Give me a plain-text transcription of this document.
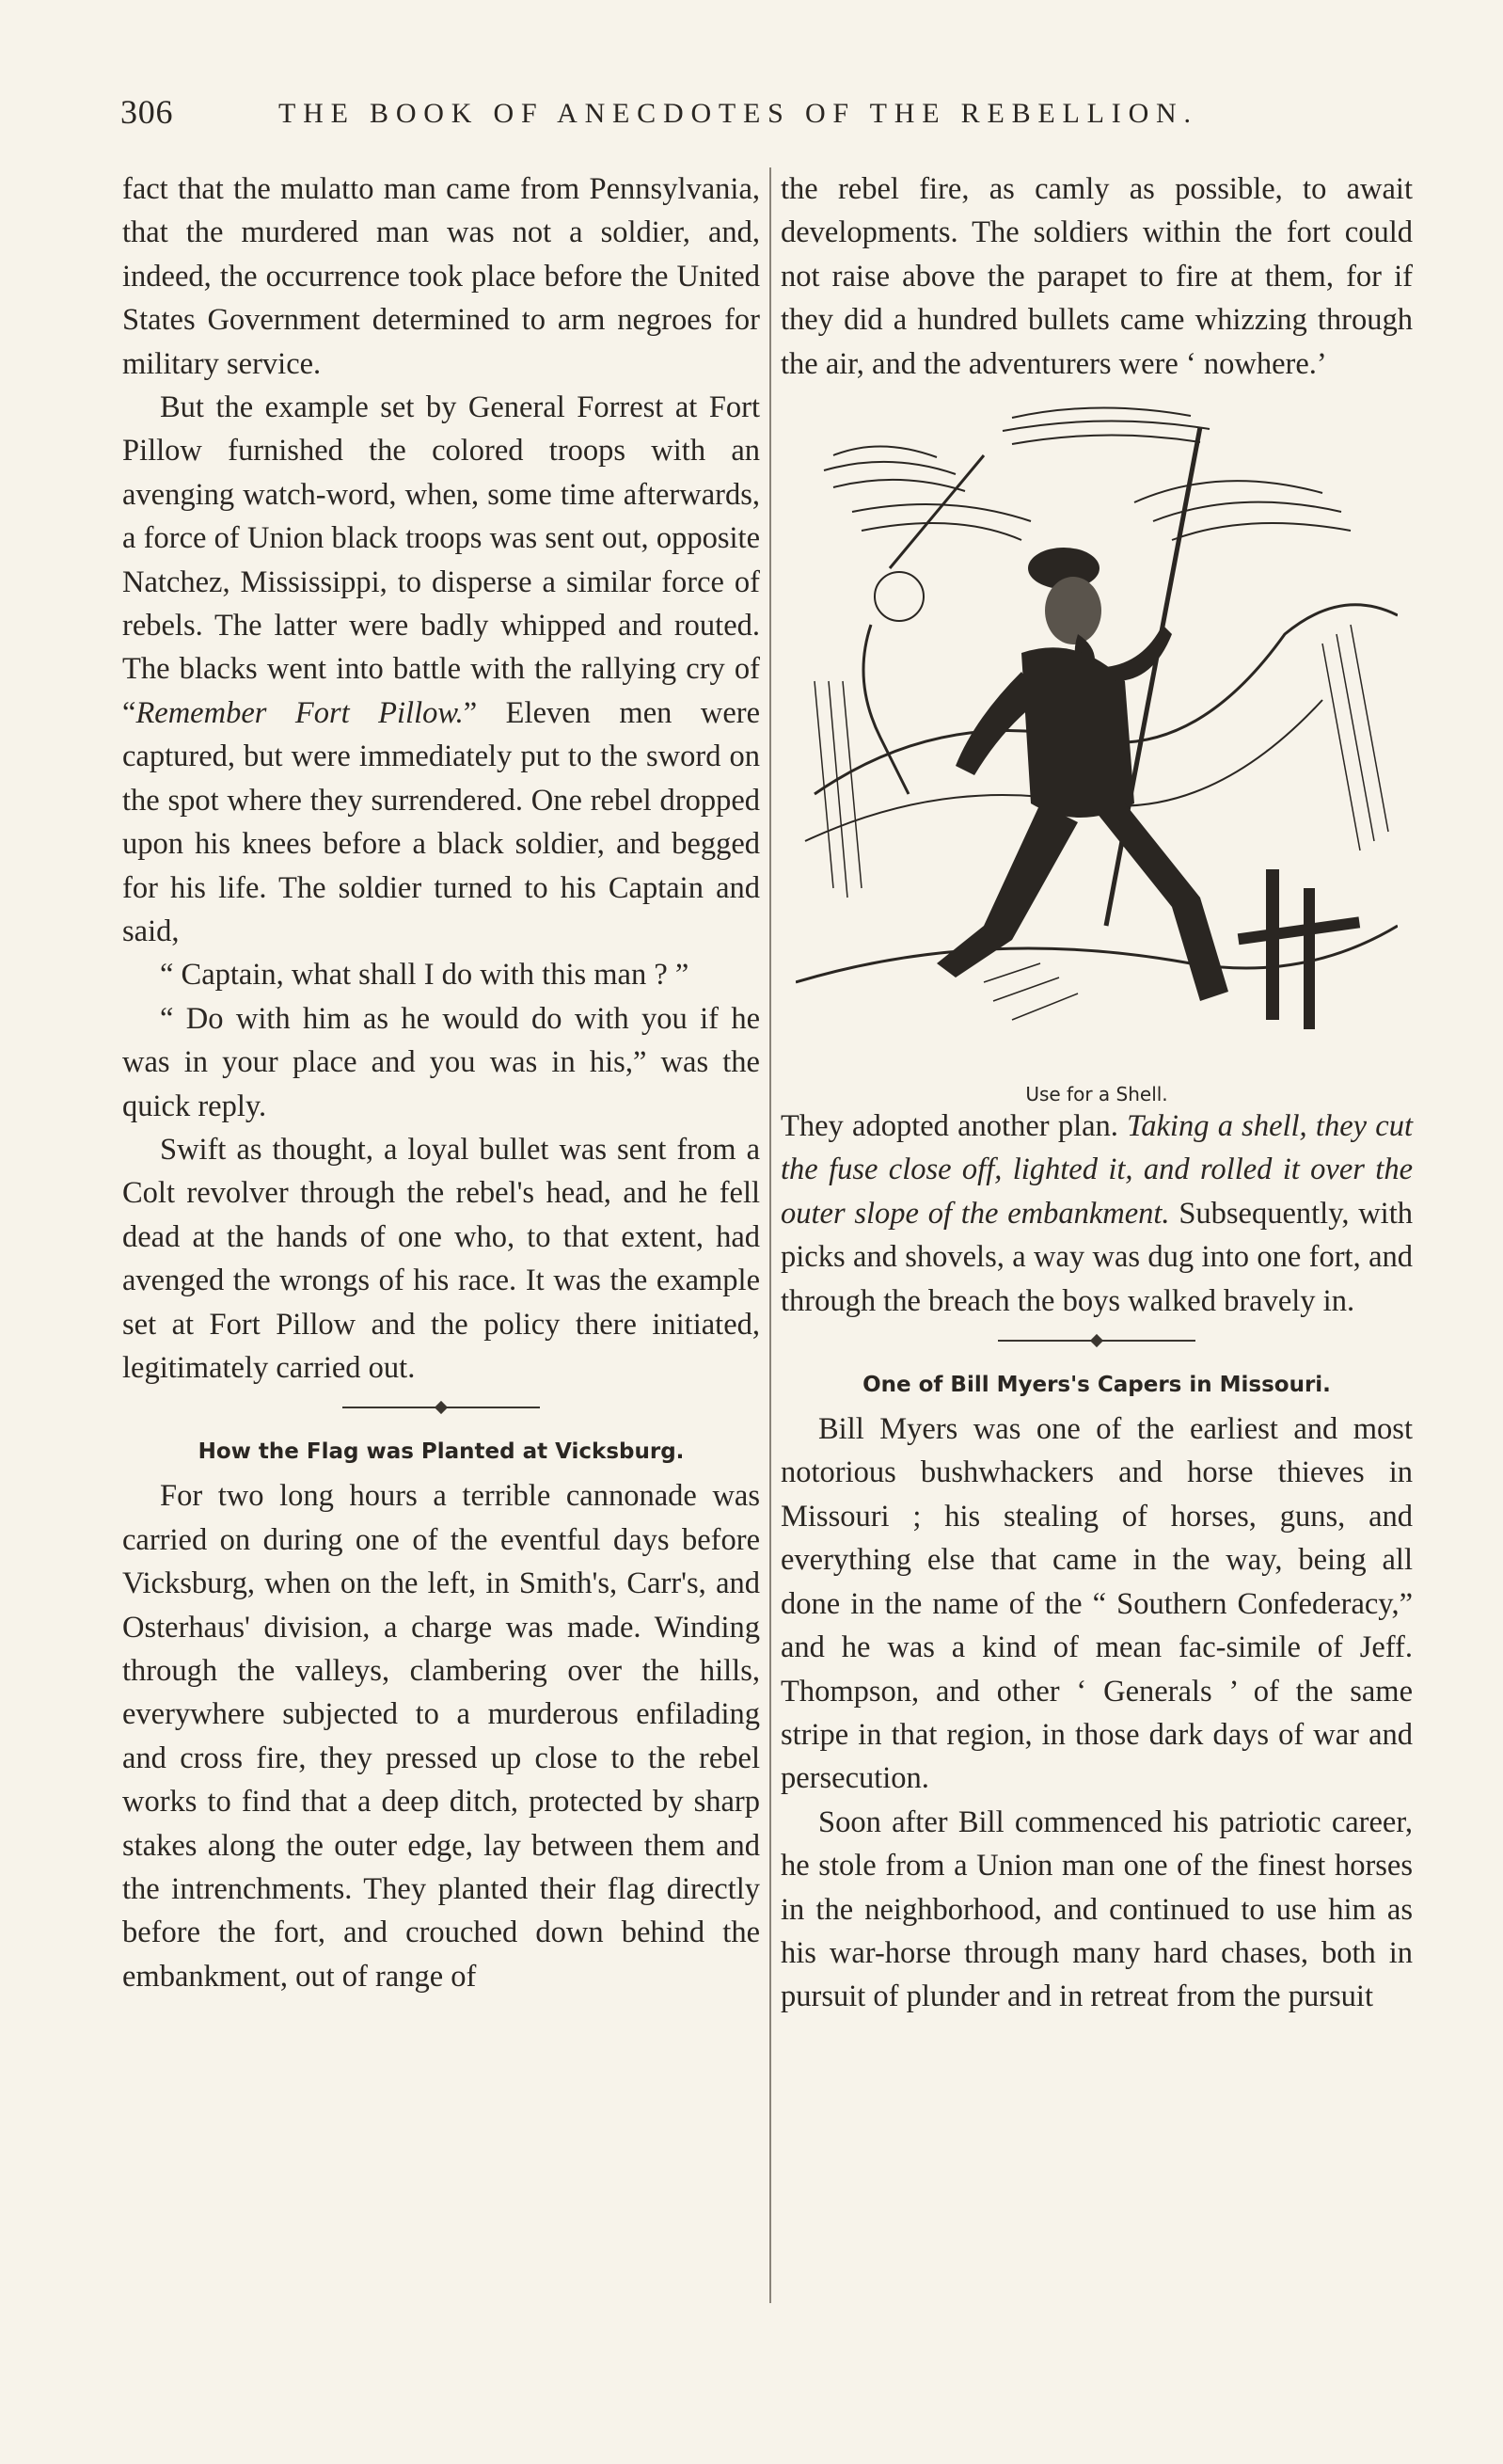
306	THE BOOK OF ANECDOTES OF THE REBELLION.

fact that the mulatto man came from Pennsylvania, that the murdered man was not a soldier, and, indeed, the occurrence took place before the United States Government determined to arm negroes for military service.

But the example set by General Forrest at Fort Pillow furnished the colored troops with an avenging watch-word, when, some time afterwards, a force of Union black troops was sent out, opposite Natchez, Mississippi, to disperse a similar force of rebels. The latter were badly whipped and routed. The blacks went into battle with the rallying cry of “Remember Fort Pillow.” Eleven men were captured, but were immediately put to the sword on the spot where they surrendered. One rebel dropped upon his knees before a black soldier, and begged for his life. The soldier turned to his Captain and said,

“ Captain, what shall I do with this man ? ”

“ Do with him as he would do with you if he was in your place and you was in his,” was the quick reply.

Swift as thought, a loyal bullet was sent from a Colt revolver through the rebel's head, and he fell dead at the hands of one who, to that extent, had avenged the wrongs of his race. It was the example set at Fort Pillow and the policy there initiated, legitimately carried out.

How the Flag was Planted at Vicksburg.

For two long hours a terrible cannonade was carried on during one of the eventful days before Vicksburg, when on the left, in Smith's, Carr's, and Osterhaus' division, a charge was made. Winding through the valleys, clambering over the hills, everywhere subjected to a murderous enfilading and cross fire, they pressed up close to the rebel works to find that a deep ditch, protected by sharp stakes along the outer edge, lay between them and the intrenchments. They planted their flag directly before the fort, and crouched down behind the embankment, out of range of

the rebel fire, as camly as possible, to await developments. The soldiers within the fort could not raise above the parapet to fire at them, for if they did a hundred bullets came whizzing through the air, and the adventurers were ‘ nowhere.’

Use for a Shell.

They adopted another plan. Taking a shell, they cut the fuse close off, lighted it, and rolled it over the outer slope of the embankment. Subsequently, with picks and shovels, a way was dug into one fort, and through the breach the boys walked bravely in.

One of Bill Myers's Capers in Missouri.

Bill Myers was one of the earliest and most notorious bushwhackers and horse thieves in Missouri ; his stealing of horses, guns, and everything else that came in the way, being all done in the name of the “ Southern Confederacy,” and he was a kind of mean fac-simile of Jeff. Thompson, and other ‘ Generals ’ of the same stripe in that region, in those dark days of war and persecution.

Soon after Bill commenced his patriotic career, he stole from a Union man one of the finest horses in the neighborhood, and continued to use him as his war-horse through many hard chases, both in pursuit of plunder and in retreat from the pursuit
